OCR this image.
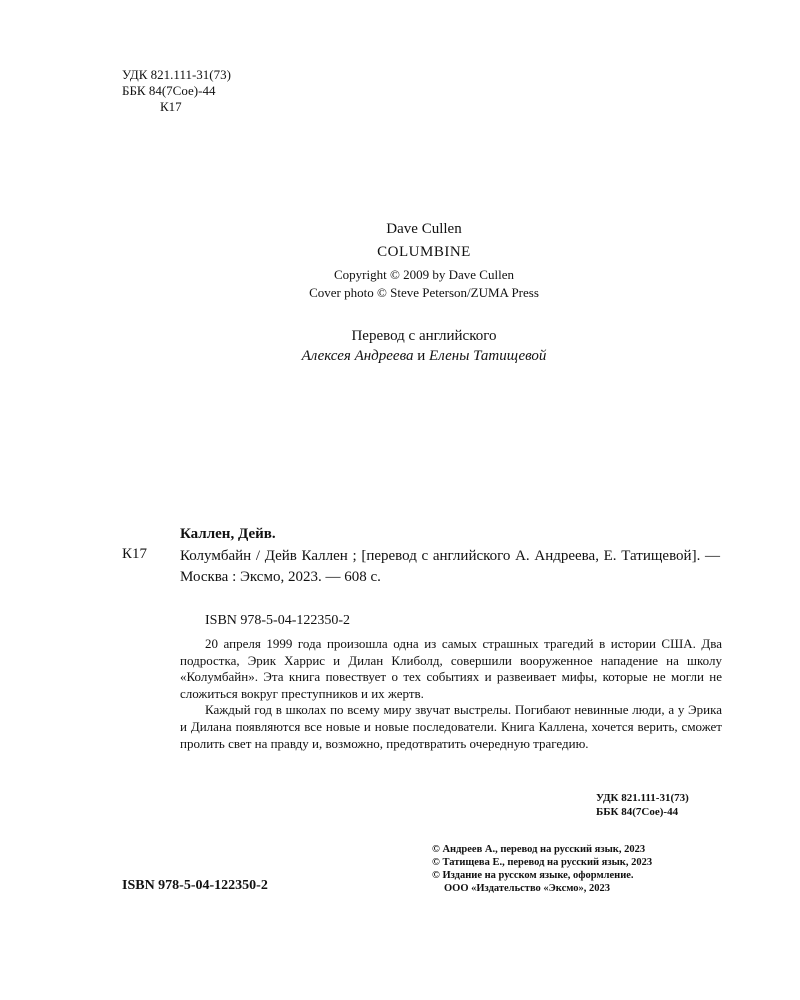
УДК 821.111-31(73)
ББК 84(7Сое)-44
К17
Dave Cullen
COLUMBINE
Copyright © 2009 by Dave Cullen
Cover photo © Steve Peterson/ZUMA Press
Перевод с английского
Алексея Андреева и Елены Татищевой
Каллен, Дейв.
К17 Колумбайн / Дейв Каллен ; [перевод с английского А. Андреева, Е. Татищевой]. — Москва : Эксмо, 2023. — 608 с.
ISBN 978-5-04-122350-2

20 апреля 1999 года произошла одна из самых страшных трагедий в истории США. Два подростка, Эрик Харрис и Дилан Клиболд, совершили вооруженное нападение на школу «Колумбайн». Эта книга повествует о тех событиях и развеивает мифы, которые не могли не сложиться вокруг преступников и их жертв.

Каждый год в школах по всему миру звучат выстрелы. Погибают невинные люди, а у Эрика и Дилана появляются все новые и новые последователи. Книга Каллена, хочется верить, сможет пролить свет на правду и, возможно, предотвратить очередную трагедию.

УДК 821.111-31(73)
ББК 84(7Сое)-44
© Андреев А., перевод на русский язык, 2023
© Татищева Е., перевод на русский язык, 2023
© Издание на русском языке, оформление.
ООО «Издательство «Эксмо», 2023
ISBN 978-5-04-122350-2
